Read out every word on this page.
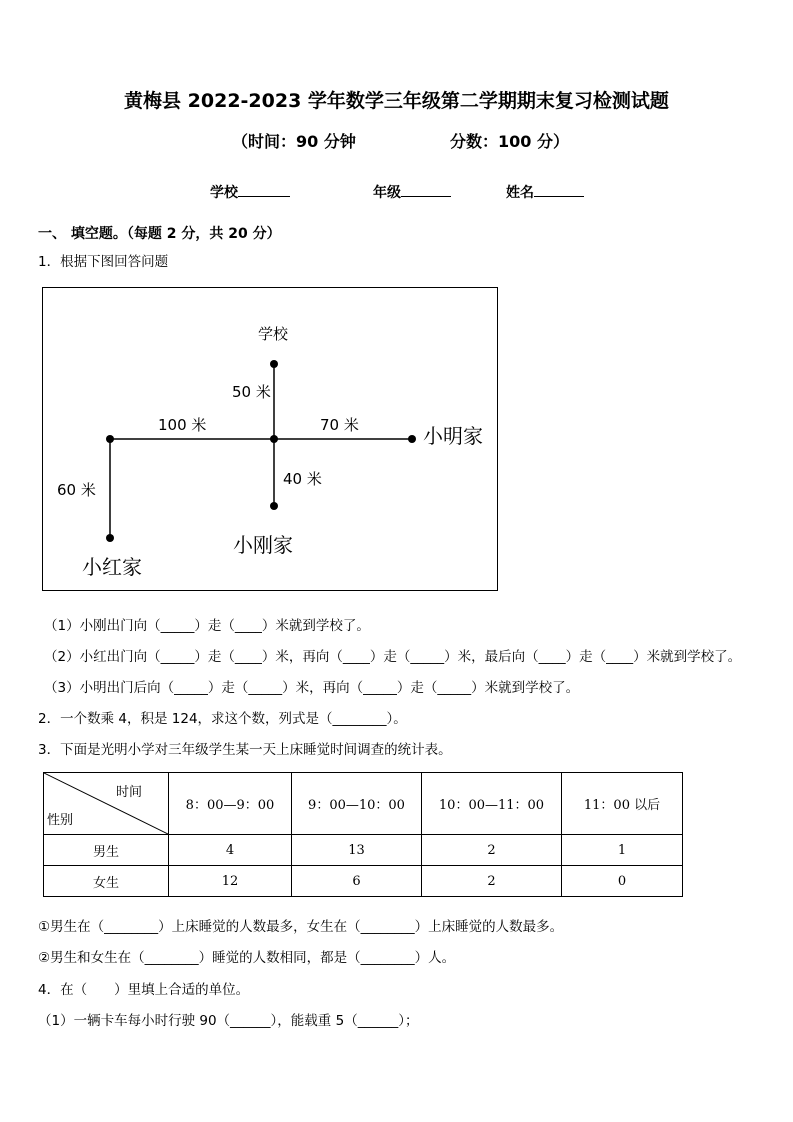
黄梅县 2022-2023 学年数学三年级第二学期期末复习检测试题
（时间：90 分钟	分数：100 分）
学校	年级	姓名
一、 填空题。（每题 2 分，共 20 分）
1．根据下图回答问题
学校
50 米
100 米	70 米	小明家
40 米
60 米
小刚家
小红家
（1）小刚出门向（_____）走（____）米就到学校了。
（2）小红出门向（_____）走（____）米，再向（____）走（_____）米，最后向（____）走（____）米就到学校了。
（3）小明出门后向（_____）走（_____）米，再向（_____）走（_____）米就到学校了。
2．一个数乘 4，积是 124，求这个数，列式是（________）。
3．下面是光明小学对三年级学生某一天上床睡觉时间调查的统计表。
时间
性别	8：00—9：00	9：00—10：00	10：00—11：00	11：00 以后
男生	4	13	2	1
女生	12	6	2	0
①男生在（________）上床睡觉的人数最多，女生在（________）上床睡觉的人数最多。
②男生和女生在（________）睡觉的人数相同，都是（________）人。
4．在（　　）里填上合适的单位。
（1）一辆卡车每小时行驶 90（______），能载重 5（______）；
